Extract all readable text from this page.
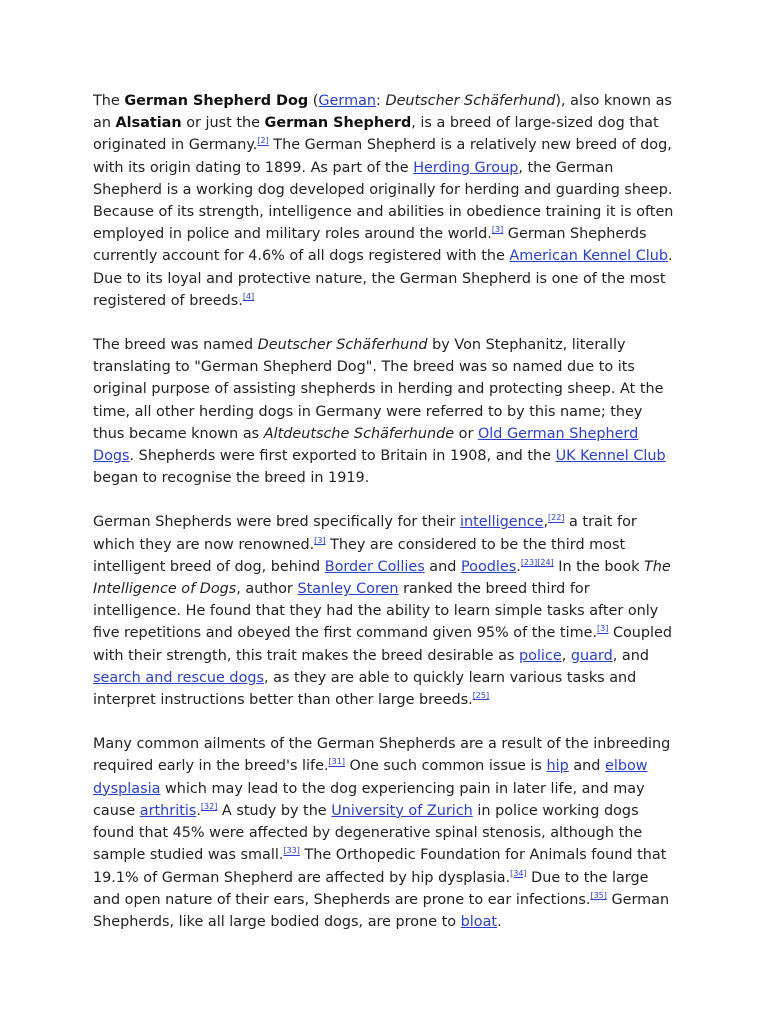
The German Shepherd Dog (German: Deutscher Schäferhund), also known as an Alsatian or just the German Shepherd, is a breed of large-sized dog that originated in Germany.[2] The German Shepherd is a relatively new breed of dog, with its origin dating to 1899. As part of the Herding Group, the German Shepherd is a working dog developed originally for herding and guarding sheep. Because of its strength, intelligence and abilities in obedience training it is often employed in police and military roles around the world.[3] German Shepherds currently account for 4.6% of all dogs registered with the American Kennel Club. Due to its loyal and protective nature, the German Shepherd is one of the most registered of breeds.[4]

The breed was named Deutscher Schäferhund by Von Stephanitz, literally translating to "German Shepherd Dog". The breed was so named due to its original purpose of assisting shepherds in herding and protecting sheep. At the time, all other herding dogs in Germany were referred to by this name; they thus became known as Altdeutsche Schäferhunde or Old German Shepherd Dogs. Shepherds were first exported to Britain in 1908, and the UK Kennel Club began to recognise the breed in 1919.

German Shepherds were bred specifically for their intelligence,[22] a trait for which they are now renowned.[3] They are considered to be the third most intelligent breed of dog, behind Border Collies and Poodles.[23][24] In the book The Intelligence of Dogs, author Stanley Coren ranked the breed third for intelligence. He found that they had the ability to learn simple tasks after only five repetitions and obeyed the first command given 95% of the time.[3] Coupled with their strength, this trait makes the breed desirable as police, guard, and search and rescue dogs, as they are able to quickly learn various tasks and interpret instructions better than other large breeds.[25]

Many common ailments of the German Shepherds are a result of the inbreeding required early in the breed's life.[31] One such common issue is hip and elbow dysplasia which may lead to the dog experiencing pain in later life, and may cause arthritis.[32] A study by the University of Zurich in police working dogs found that 45% were affected by degenerative spinal stenosis, although the sample studied was small.[33] The Orthopedic Foundation for Animals found that 19.1% of German Shepherd are affected by hip dysplasia.[34] Due to the large and open nature of their ears, Shepherds are prone to ear infections.[35] German Shepherds, like all large bodied dogs, are prone to bloat.
